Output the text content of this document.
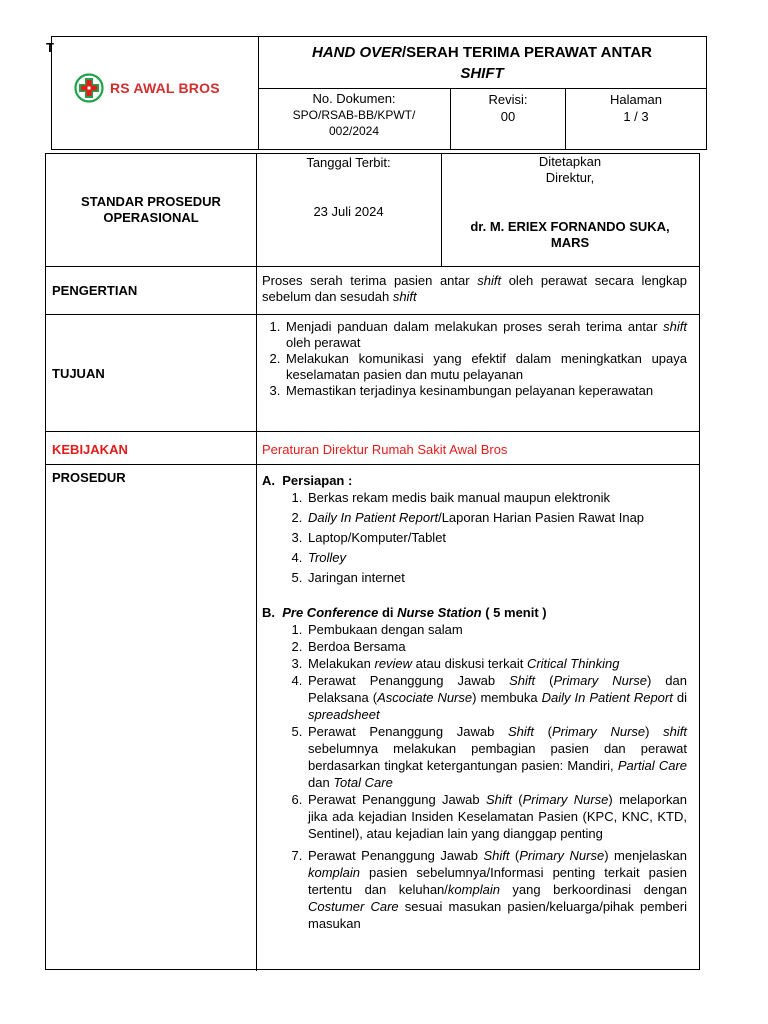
T
RS AWAL BROS
HAND OVER/SERAH TERIMA PERAWAT ANTAR
SHIFT
No. Dokumen:
SPO/RSAB-BB/KPWT/
002/2024
Revisi:
00
Halaman
1 / 3
STANDAR PROSEDUR
OPERASIONAL
Tanggal Terbit:
23 Juli 2024
Ditetapkan
Direktur,
dr. M. ERIEX FORNANDO SUKA,
MARS
PENGERTIAN
Proses serah terima pasien antar shift oleh perawat secara lengkap sebelum dan sesudah shift
TUJUAN
1. Menjadi panduan dalam melakukan proses serah terima antar shift oleh perawat
2. Melakukan komunikasi yang efektif dalam meningkatkan upaya keselamatan pasien dan mutu pelayanan
3. Memastikan terjadinya kesinambungan pelayanan keperawatan
KEBIJAKAN	Peraturan Direktur Rumah Sakit Awal Bros
PROSEDUR	A. Persiapan :
1. Berkas rekam medis baik manual maupun elektronik
2. Daily In Patient Report/Laporan Harian Pasien Rawat Inap
3. Laptop/Komputer/Tablet
4. Trolley
5. Jaringan internet
B. Pre Conference di Nurse Station ( 5 menit )
1. Pembukaan dengan salam
2. Berdoa Bersama
3. Melakukan review atau diskusi terkait Critical Thinking
4. Perawat Penanggung Jawab Shift (Primary Nurse) dan Pelaksana (Ascociate Nurse) membuka Daily In Patient Report di spreadsheet
5. Perawat Penanggung Jawab Shift (Primary Nurse) shift sebelumnya melakukan pembagian pasien dan perawat berdasarkan tingkat ketergantungan pasien: Mandiri, Partial Care dan Total Care
6. Perawat Penanggung Jawab Shift (Primary Nurse) melaporkan jika ada kejadian Insiden Keselamatan Pasien (KPC, KNC, KTD, Sentinel), atau kejadian lain yang dianggap penting
7. Perawat Penanggung Jawab Shift (Primary Nurse) menjelaskan komplain pasien sebelumnya/Informasi penting terkait pasien tertentu dan keluhan/komplain yang berkoordinasi dengan Costumer Care sesuai masukan pasien/keluarga/pihak pemberi masukan
